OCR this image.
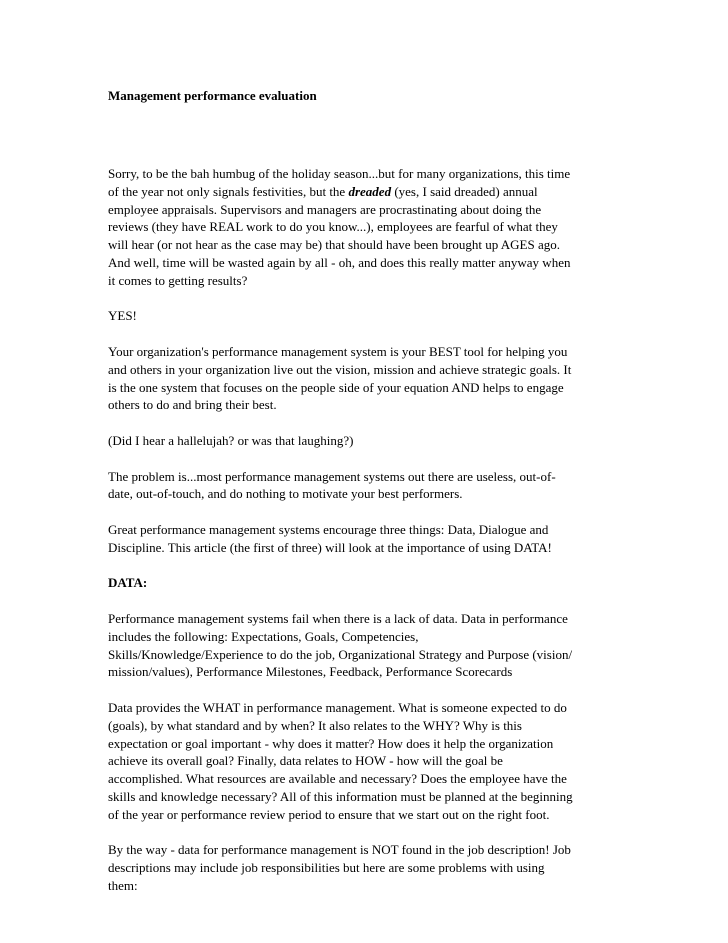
Management performance evaluation

Sorry, to be the bah humbug of the holiday season...but for many organizations, this time
of the year not only signals festivities, but the dreaded (yes, I said dreaded) annual
employee appraisals. Supervisors and managers are procrastinating about doing the
reviews (they have REAL work to do you know...), employees are fearful of what they
will hear (or not hear as the case may be) that should have been brought up AGES ago.
And well, time will be wasted again by all - oh, and does this really matter anyway when
it comes to getting results?

YES!

Your organization's performance management system is your BEST tool for helping you
and others in your organization live out the vision, mission and achieve strategic goals. It
is the one system that focuses on the people side of your equation AND helps to engage
others to do and bring their best.

(Did I hear a hallelujah? or was that laughing?)

The problem is...most performance management systems out there are useless, out-of-
date, out-of-touch, and do nothing to motivate your best performers.

Great performance management systems encourage three things: Data, Dialogue and
Discipline. This article (the first of three) will look at the importance of using DATA!

DATA:

Performance management systems fail when there is a lack of data. Data in performance
includes the following: Expectations, Goals, Competencies,
Skills/Knowledge/Experience to do the job, Organizational Strategy and Purpose (vision/
mission/values), Performance Milestones, Feedback, Performance Scorecards

Data provides the WHAT in performance management. What is someone expected to do
(goals), by what standard and by when? It also relates to the WHY? Why is this
expectation or goal important - why does it matter? How does it help the organization
achieve its overall goal? Finally, data relates to HOW - how will the goal be
accomplished. What resources are available and necessary? Does the employee have the
skills and knowledge necessary? All of this information must be planned at the beginning
of the year or performance review period to ensure that we start out on the right foot.

By the way - data for performance management is NOT found in the job description! Job
descriptions may include job responsibilities but here are some problems with using
them:
